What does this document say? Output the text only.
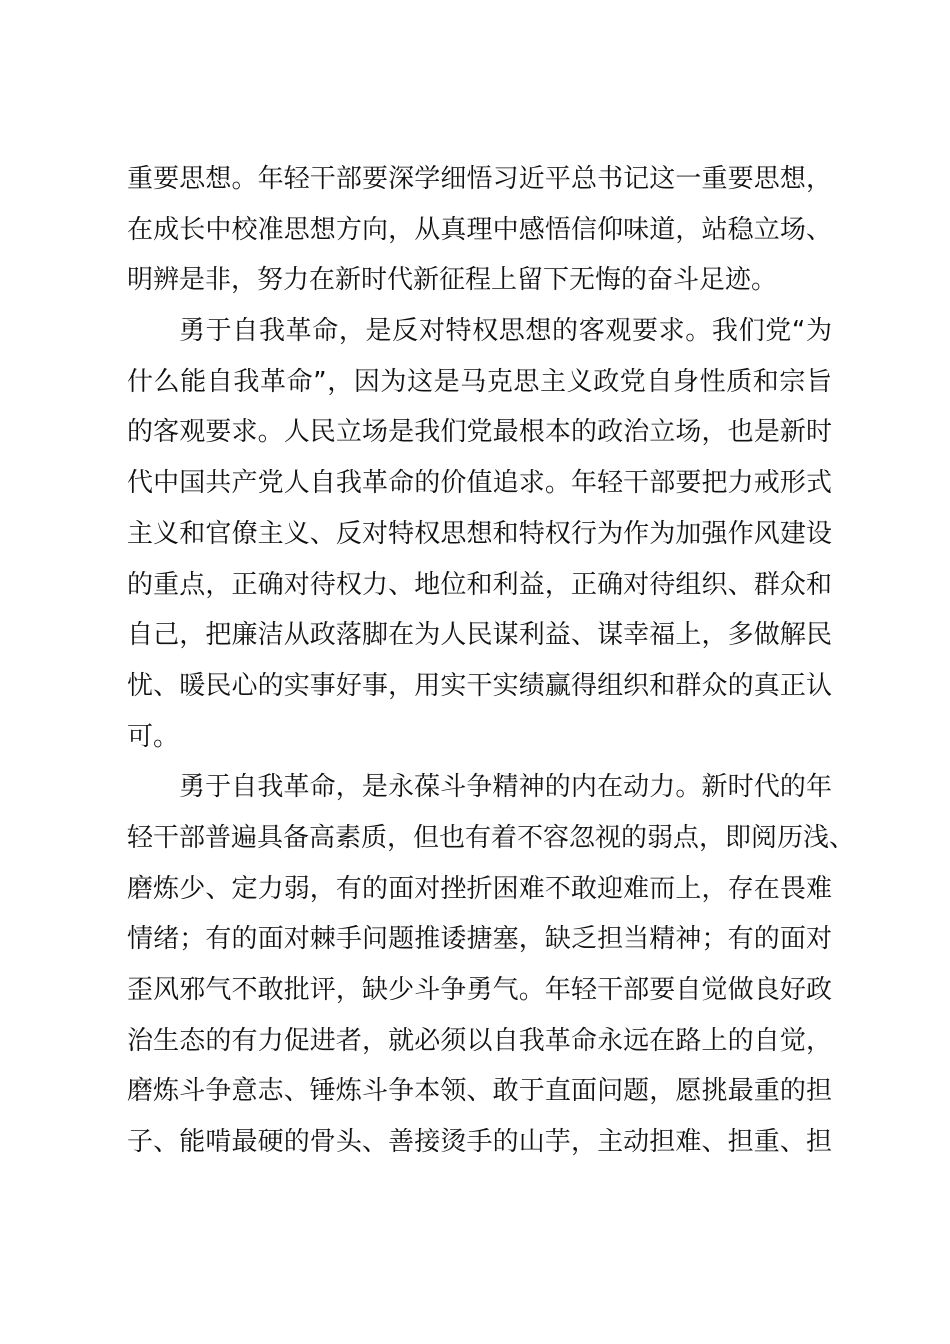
重要思想。年轻干部要深学细悟习近平总书记这一重要思想，
在成长中校准思想方向，从真理中感悟信仰味道，站稳立场、
明辨是非，努力在新时代新征程上留下无悔的奋斗足迹。
勇于自我革命，是反对特权思想的客观要求。我们党“为
什么能自我革命”，因为这是马克思主义政党自身性质和宗旨
的客观要求。人民立场是我们党最根本的政治立场，也是新时
代中国共产党人自我革命的价值追求。年轻干部要把力戒形式
主义和官僚主义、反对特权思想和特权行为作为加强作风建设
的重点，正确对待权力、地位和利益，正确对待组织、群众和
自己，把廉洁从政落脚在为人民谋利益、谋幸福上，多做解民
忧、暖民心的实事好事，用实干实绩赢得组织和群众的真正认
可。
勇于自我革命，是永葆斗争精神的内在动力。新时代的年
轻干部普遍具备高素质，但也有着不容忽视的弱点，即阅历浅、
磨炼少、定力弱，有的面对挫折困难不敢迎难而上，存在畏难
情绪；有的面对棘手问题推诿搪塞，缺乏担当精神；有的面对
歪风邪气不敢批评，缺少斗争勇气。年轻干部要自觉做良好政
治生态的有力促进者，就必须以自我革命永远在路上的自觉，
磨炼斗争意志、锤炼斗争本领、敢于直面问题，愿挑最重的担
子、能啃最硬的骨头、善接烫手的山芋，主动担难、担重、担
